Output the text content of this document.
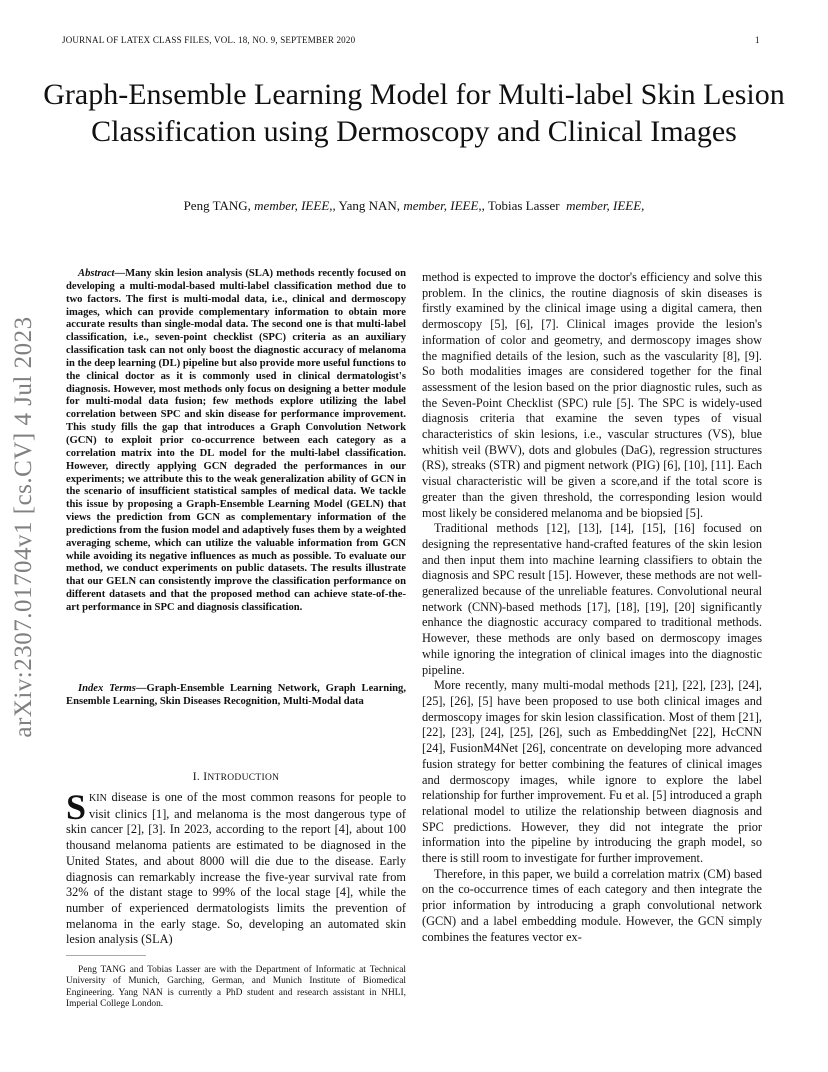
JOURNAL OF LATEX CLASS FILES, VOL. 18, NO. 9, SEPTEMBER 2020	1
Graph-Ensemble Learning Model for Multi-label Skin Lesion Classification using Dermoscopy and Clinical Images
Peng TANG, member, IEEE,, Yang NAN, member, IEEE,, Tobias Lasser member, IEEE,
arXiv:2307.01704v1 [cs.CV] 4 Jul 2023

Abstract—Many skin lesion analysis (SLA) methods recently focused on developing a multi-modal-based multi-label classification method due to two factors. The first is multi-modal data, i.e., clinical and dermoscopy images, which can provide complementary information to obtain more accurate results than single-modal data. The second one is that multi-label classification, i.e., seven-point checklist (SPC) criteria as an auxiliary classification task can not only boost the diagnostic accuracy of melanoma in the deep learning (DL) pipeline but also provide more useful functions to the clinical doctor as it is commonly used in clinical dermatologist's diagnosis. However, most methods only focus on designing a better module for multi-modal data fusion; few methods explore utilizing the label correlation between SPC and skin disease for performance improvement. This study fills the gap that introduces a Graph Convolution Network (GCN) to exploit prior co-occurrence between each category as a correlation matrix into the DL model for the multi-label classification. However, directly applying GCN degraded the performances in our experiments; we attribute this to the weak generalization ability of GCN in the scenario of insufficient statistical samples of medical data. We tackle this issue by proposing a Graph-Ensemble Learning Model (GELN) that views the prediction from GCN as complementary information of the predictions from the fusion model and adaptively fuses them by a weighted averaging scheme, which can utilize the valuable information from GCN while avoiding its negative influences as much as possible. To evaluate our method, we conduct experiments on public datasets. The results illustrate that our GELN can consistently improve the classification performance on different datasets and that the proposed method can achieve state-of-the-art performance in SPC and diagnosis classification.

Index Terms—Graph-Ensemble Learning Network, Graph Learning, Ensemble Learning, Skin Diseases Recognition, Multi-Modal data

I. INTRODUCTION

SKIN disease is one of the most common reasons for people to visit clinics [1], and melanoma is the most dangerous type of skin cancer [2], [3]. In 2023, according to the report [4], about 100 thousand melanoma patients are estimated to be diagnosed in the United States, and about 8000 will die due to the disease. Early diagnosis can remarkably increase the five-year survival rate from 32% of the distant stage to 99% of the local stage [4], while the number of experienced dermatologists limits the prevention of melanoma in the early stage. So, developing an automated skin lesion analysis (SLA)

Peng TANG and Tobias Lasser are with the Department of Informatic at Technical University of Munich, Garching, German, and Munich Institute of Biomedical Engineering. Yang NAN is currently a PhD student and research assistant in NHLI, Imperial College London.

method is expected to improve the doctor's efficiency and solve this problem. In the clinics, the routine diagnosis of skin diseases is firstly examined by the clinical image using a digital camera, then dermoscopy [5], [6], [7]. Clinical images provide the lesion's information of color and geometry, and dermoscopy images show the magnified details of the lesion, such as the vascularity [8], [9]. So both modalities images are considered together for the final assessment of the lesion based on the prior diagnostic rules, such as the Seven-Point Checklist (SPC) rule [5]. The SPC is widely-used diagnosis criteria that examine the seven types of visual characteristics of skin lesions, i.e., vascular structures (VS), blue whitish veil (BWV), dots and globules (DaG), regression structures (RS), streaks (STR) and pigment network (PIG) [6], [10], [11]. Each visual characteristic will be given a score,and if the total score is greater than the given threshold, the corresponding lesion would most likely be considered melanoma and be biopsied [5].

Traditional methods [12], [13], [14], [15], [16] focused on designing the representative hand-crafted features of the skin lesion and then input them into machine learning classifiers to obtain the diagnosis and SPC result [15]. However, these methods are not well-generalized because of the unreliable features. Convolutional neural network (CNN)-based methods [17], [18], [19], [20] significantly enhance the diagnostic accuracy compared to traditional methods. However, these methods are only based on dermoscopy images while ignoring the integration of clinical images into the diagnostic pipeline.

More recently, many multi-modal methods [21], [22], [23], [24], [25], [26], [5] have been proposed to use both clinical images and dermoscopy images for skin lesion classification. Most of them [21], [22], [23], [24], [25], [26], such as EmbeddingNet [22], HcCNN [24], FusionM4Net [26], concentrate on developing more advanced fusion strategy for better combining the features of clinical images and dermoscopy images, while ignore to explore the label relationship for further improvement. Fu et al. [5] introduced a graph relational model to utilize the relationship between diagnosis and SPC predictions. However, they did not integrate the prior information into the pipeline by introducing the graph model, so there is still room to investigate for further improvement.

Therefore, in this paper, we build a correlation matrix (CM) based on the co-occurrence times of each category and then integrate the prior information by introducing a graph convolutional network (GCN) and a label embedding module. However, the GCN simply combines the features vector ex-
